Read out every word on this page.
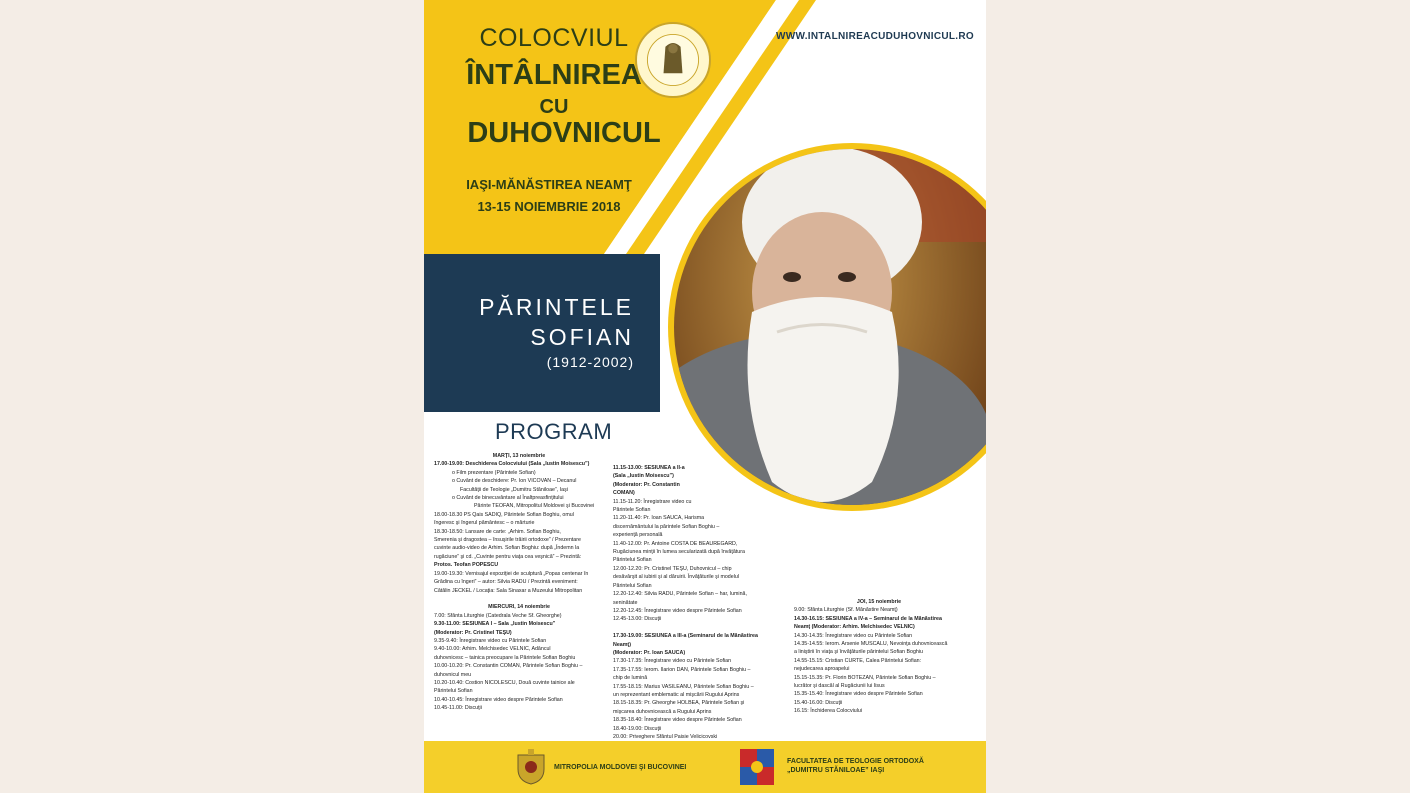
COLOCVIUL
ÎNTÂLNIREA
CU
DUHOVNICUL
WWW.INTALNIREACUDUHOVNICUL.RO
IAŞI-MĂNĂSTIREA NEAMŢ
13-15 NOIEMBRIE 2018
PĂRINTELE
SOFIAN
(1912-2002)
PROGRAM

MARŢI, 13 noiembrie

17.00-19.00: Deschiderea Colocviului (Sala „Iustin Moisescu”)

o Film prezentare (Părintele Sofian)

o Cuvânt de deschidere: Pr. Ion VICOVAN – Decanul

Facultăţii de Teologie „Dumitru Stăniloae”, Iaşi

o Cuvânt de binecuvântare al Înaltpreasfinţitului

Părinte TEOFAN, Mitropolitul Moldovei şi Bucovinei

18.00-18.30 PS Qais SADIQ, Părintele Sofian Boghiu, omul

îngeresc şi îngerul pământesc – o mărturie

18.30-18.50: Lansare de carte: „Arhim. Sofian Boghiu,

Smerenia şi dragostea – însuşirile trăirii ortodoxe” / Prezentare

cuvinte audio-video de Arhim. Sofian Boghiu: după „Îndemn la

rugăciune” şi cd. „Cuvinte pentru viaţa cea veşnică” – Prezintă:

Protos. Teofan POPESCU

19.00-19.30: Vernisajul expoziţiei de sculptură „Popas centenar în

Grădina cu îngeri” – autor: Silvia RADU / Prezintă eveniment:

Cătălin JECKEL / Locaţia: Sala Sinaxar a Muzeului Mitropolitan

MIERCURI, 14 noiembrie

7.00: Sfânta Liturghie (Catedrala Veche Sf. Gheorghe)

9.30-11.00: SESIUNEA I – Sala „Iustin Moisescu”

(Moderator: Pr. Cristinel TEŞU)

9.35-9.40: Înregistrare video cu Părintele Sofian

9.40-10.00: Arhim. Melchisedec VELNIC, Adâncul

duhovnicesc – tainica preocupare la Părintele Sofian Boghiu

10.00-10.20: Pr. Constantin COMAN, Părintele Sofian Boghiu –

duhovnicul meu

10.20-10.40: Costion NICOLESCU, Două cuvinte tainice ale

Părintelui Sofian

10.40-10.45: Înregistrare video despre Părintele Sofian

10.45-11.00: Discuţii

11.15-13.00: SESIUNEA a II-a

(Sala „Iustin Moisescu”)

(Moderator: Pr. Constantin

COMAN)

11.15-11.20: Înregistrare video cu

Părintele Sofian

11.20-11.40: Pr. Ioan SAUCA, Harisma

discernământului la părintele Sofian Boghiu –

experienţă personală

11.40-12.00: Pr. Antoine COSTA DE BEAUREGARD,

Rugăciunea minţii în lumea secularizată după învăţătura

Părintelui Sofian

12.00-12.20: Pr. Cristinel TEŞU, Duhovnicul – chip

desăvârşit al iubirii şi al dăruirii. Învăţăturile şi modelul

Părintelui Sofian

12.20-12.40: Silvia RADU, Părintele Sofian – har, lumină,

seninătate

12.20-12.45: Înregistrare video despre Părintele Sofian

12.45-13.00: Discuţii

17.30-19.00: SESIUNEA a III-a (Seminarul de la Mănăstirea

Neamţ)

(Moderator: Pr. Ioan SAUCA)

17.30-17.35: Înregistrare video cu Părintele Sofian

17.35-17.55: Ierom. Ilarion DAN, Părintele Sofian Boghiu –

chip de lumină

17.55-18.15: Marius VASILEANU, Părintele Sofian Boghiu –

un reprezentant emblematic al mişcării Rugului Aprins

18.15-18.35: Pr. Gheorghe HOLBEA, Părintele Sofian şi

mişcarea duhovnicească a Rugului Aprins

18.35-18.40: Înregistrare video despre Părintele Sofian

18.40-19.00: Discuţii

20.00: Priveghere Sfântul Paisie Velicicovski

JOI, 15 noiembrie

9.00: Sfânta Liturghie (Sf. Mănăstire Neamţ)

14.30-16.15: SESIUNEA a IV-a – Seminarul de la Mănăstirea

Neamţ (Moderator: Arhim. Melchisedec VELNIC)

14.30-14.35: Înregistrare video cu Părintele Sofian

14.35-14.55: Ierom. Arsenie MUSCALU, Nevoinţa duhovnicească

a liniştirii în viaţa şi învăţăturile părintelui Sofian Boghiu

14.55-15.15: Cristian CURTE, Calea Părintelui Sofian:

nejudecarea aproapelui

15.15-15.35: Pr. Florin BOTEZAN, Părintele Sofian Boghiu –

lucrător şi dascăl al Rugăciunii lui Iisus

15.35-15.40: Înregistrare video despre Părintele Sofian

15.40-16.00: Discuţii

16.15: Închiderea Colocviului

MITROPOLIA MOLDOVEI ŞI BUCOVINEI
FACULTATEA DE TEOLOGIE ORTODOXĂ
„DUMITRU STĂNILOAE” IAŞI
